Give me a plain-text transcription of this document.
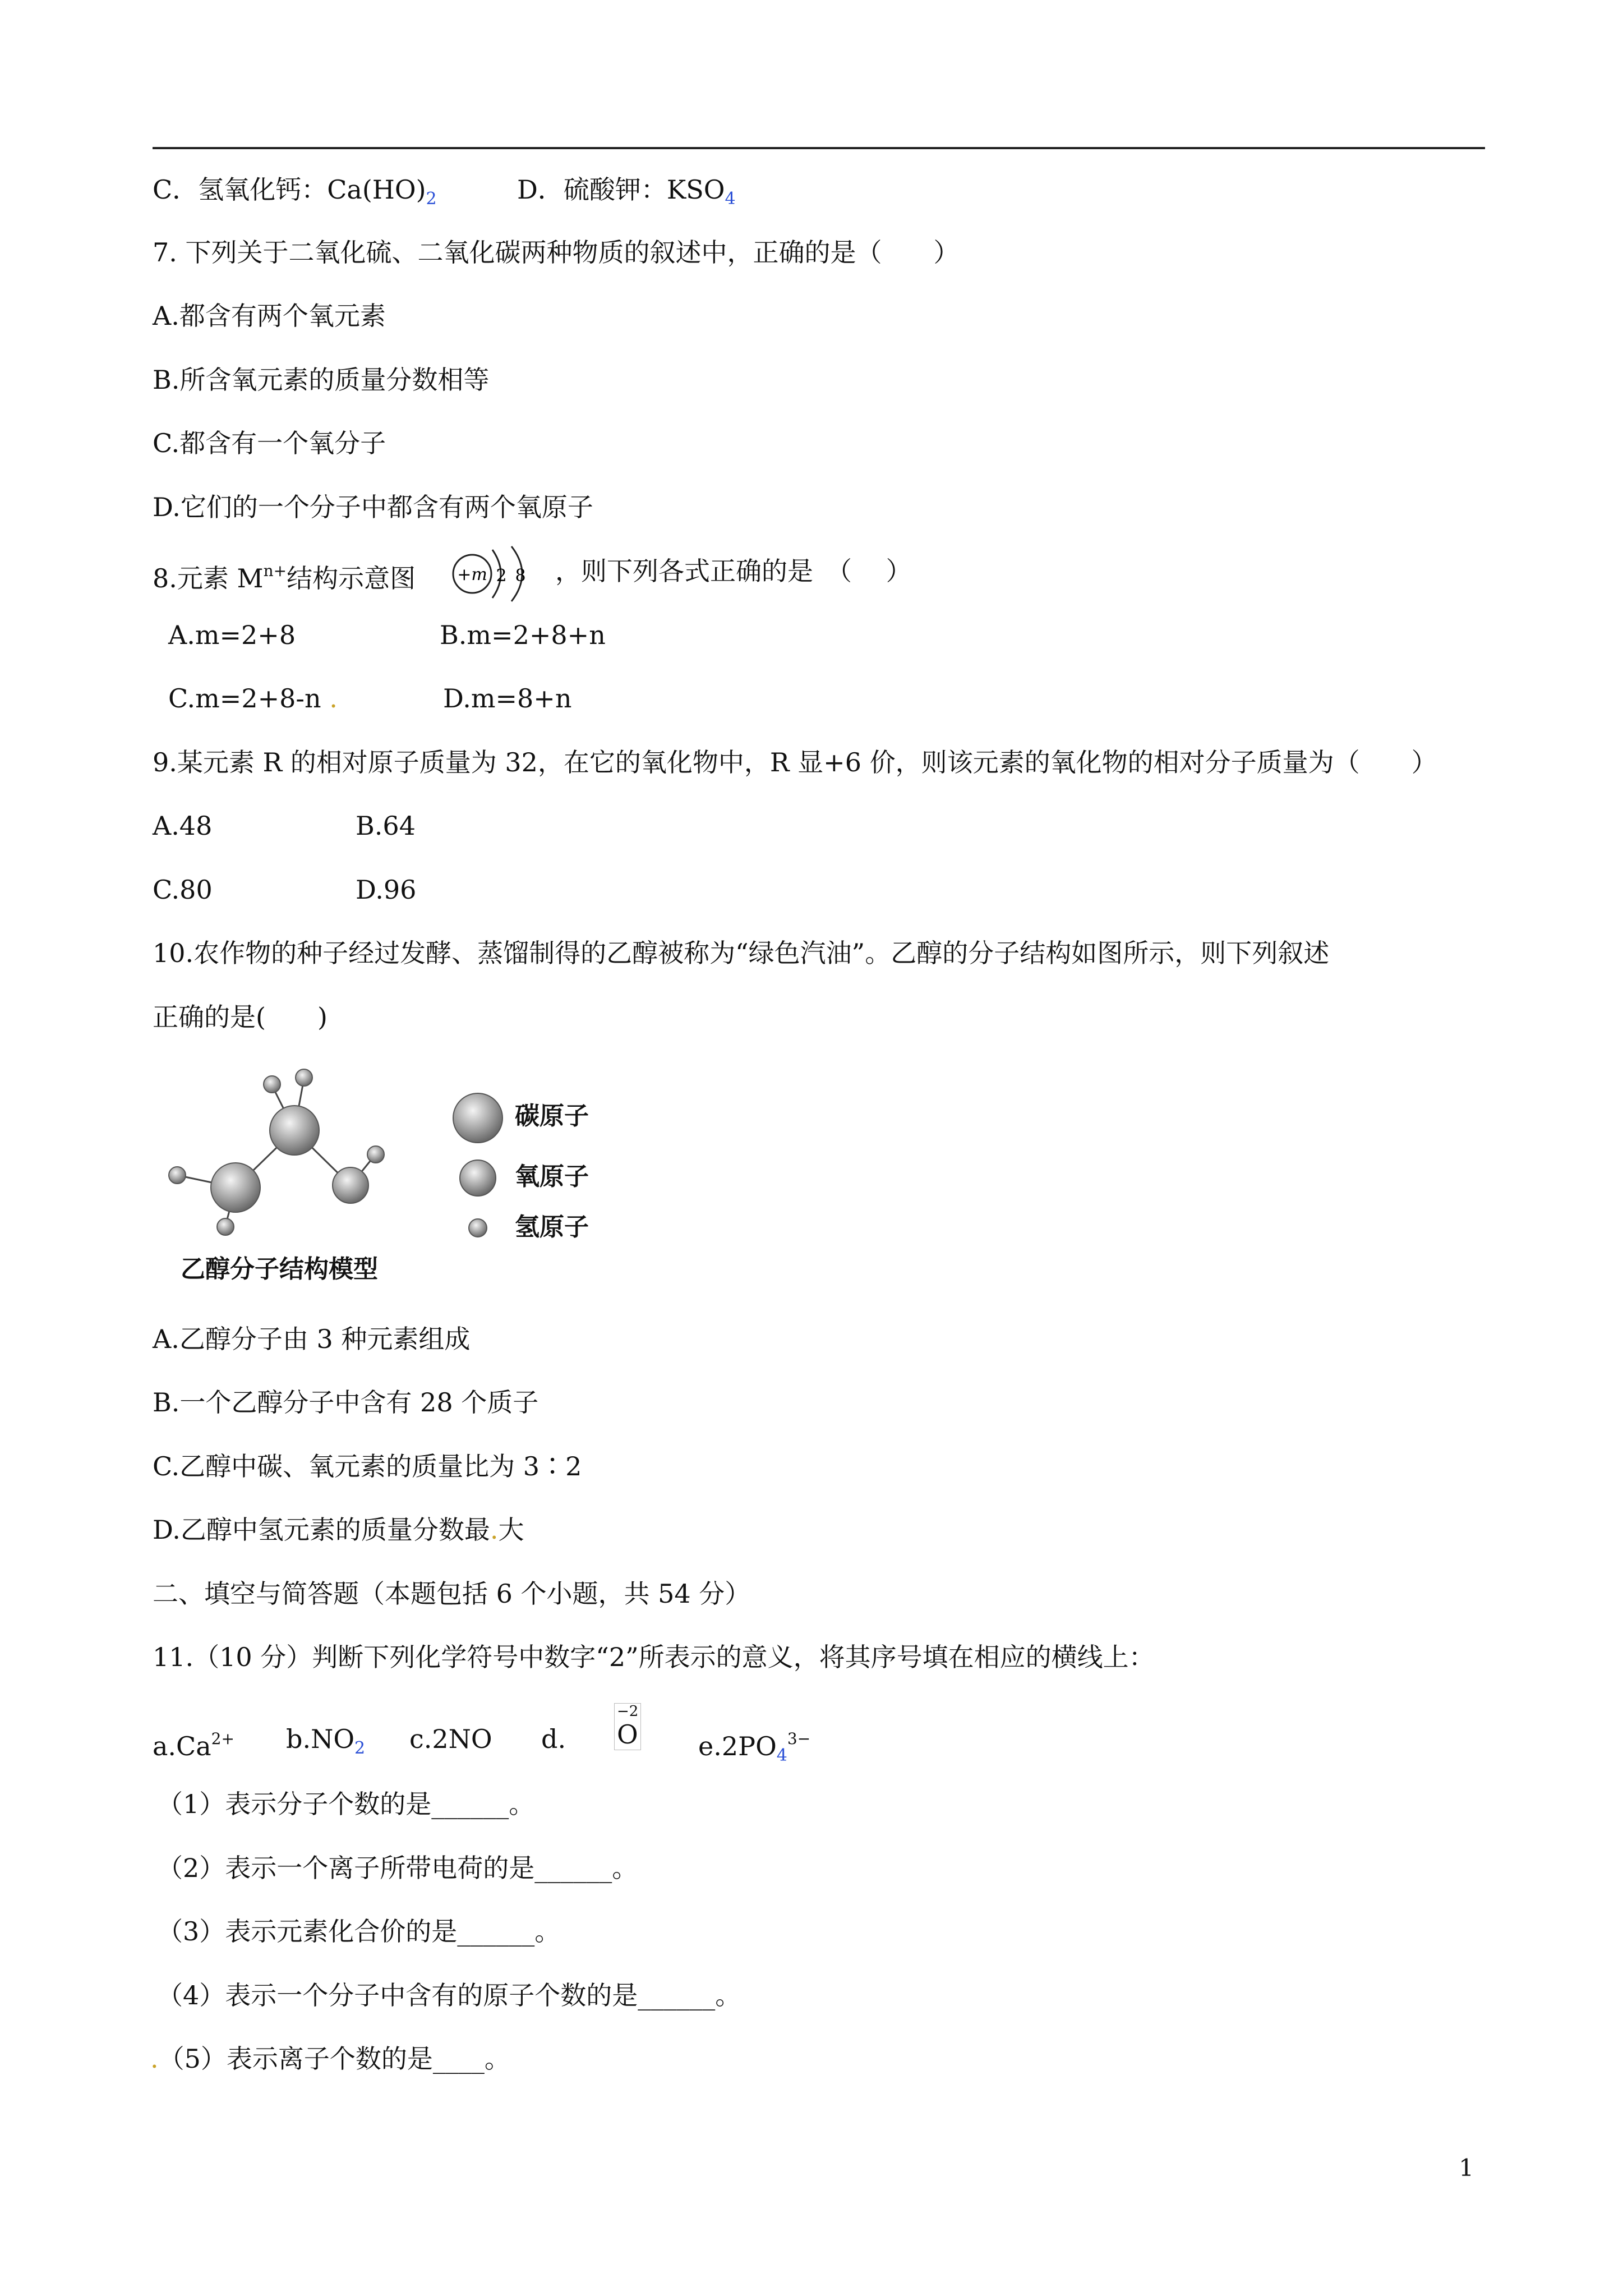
C．氢氧化钙：$Ca(HO)_2$	D．硫酸钾：$KSO_4$
7. 下列关于二氧化硫、二氧化碳两种物质的叙述中，正确的是（　　）
A.都含有两个氧元素
B.所含氧元素的质量分数相等
C.都含有一个氧分子
D.它们的一个分子中都含有两个氧原子
8.元素 $M^{n+}$结构示意图 +m 2 8 ，则下列各式正确的是　（　 ）
A.m=2+8	B.m=2+8+n
C.m=2+8-n .	D.m=8+n
9.某元素 R 的相对原子质量为 32，在它的氧化物中，R 显+6 价，则该元素的氧化物的相对分子质量为（　　）
A.48	B.64
C.80	D.96
10.农作物的种子经过发酵、蒸馏制得的乙醇被称为“绿色汽油”。乙醇的分子结构如图所示，则下列叙述
正确的是(　　)
碳原子
氧原子
氢原子
乙醇分子结构模型
A.乙醇分子由 3 种元素组成
B.一个乙醇分子中含有 28 个质子
C.乙醇中碳、氧元素的质量比为 3∶2
D.乙醇中氢元素的质量分数最.大
二、填空与简答题（本题包括 6 个小题，共 54 分）
11.（10 分）判断下列化学符号中数字“2”所表示的意义，将其序号填在相应的横线上：
$a.Ca^{2+}$ $b.NO_2$ c.2NO d.
−2
O $e.2PO_4^{3-}$
（1）表示分子个数的是______。
（2）表示一个离子所带电荷的是______。
（3）表示元素化合价的是______。
（4）表示一个分子中含有的原子个数的是______。
.（5）表示离子个数的是____。
1
